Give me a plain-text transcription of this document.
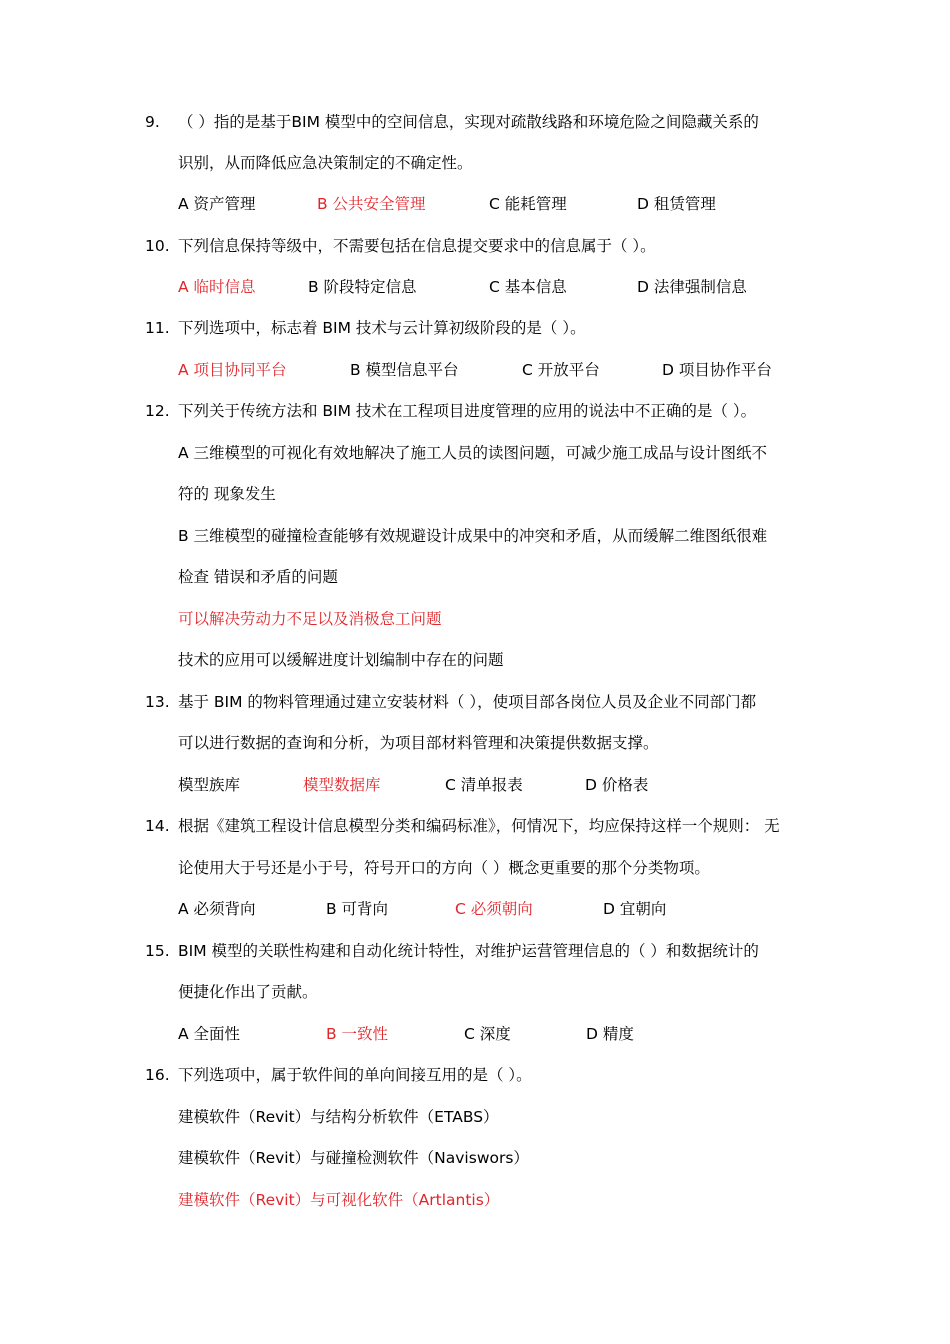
9. （ ）指的是基于BIM 模型中的空间信息，实现对疏散线路和环境危险之间隐藏关系的
识别，从而降低应急决策制定的不确定性。
A 资产管理	B 公共安全管理	C 能耗管理	D 租赁管理
10. 下列信息保持等级中，不需要包括在信息提交要求中的信息属于（ ）。
A 临时信息	B 阶段特定信息	C 基本信息	D 法律强制信息
11. 下列选项中，标志着 BIM 技术与云计算初级阶段的是（ ）。
A 项目协同平台	B 模型信息平台	C 开放平台	D 项目协作平台
12. 下列关于传统方法和 BIM 技术在工程项目进度管理的应用的说法中不正确的是（ ）。
A 三维模型的可视化有效地解决了施工人员的读图问题，可减少施工成品与设计图纸不
符的 现象发生
B 三维模型的碰撞检查能够有效规避设计成果中的冲突和矛盾，从而缓解二维图纸很难
检查 错误和矛盾的问题
可以解决劳动力不足以及消极怠工问题
技术的应用可以缓解进度计划编制中存在的问题
13. 基于 BIM 的物料管理通过建立安装材料（ ），使项目部各岗位人员及企业不同部门都
可以进行数据的查询和分析，为项目部材料管理和决策提供数据支撑。
模型族库	模型数据库	C 清单报表	D 价格表
14. 根据《建筑工程设计信息模型分类和编码标准》，何情况下，均应保持这样一个规则： 无
论使用大于号还是小于号，符号开口的方向（ ）概念更重要的那个分类物项。
A 必须背向	B 可背向	C 必须朝向	D 宜朝向
15. BIM 模型的关联性构建和自动化统计特性，对维护运营管理信息的（ ）和数据统计的
便捷化作出了贡献。
A 全面性	B 一致性	C 深度	D 精度
16. 下列选项中，属于软件间的单向间接互用的是（ ）。
建模软件（Revit）与结构分析软件（ETABS）
建模软件（Revit）与碰撞检测软件（Naviswors）
建模软件（Revit）与可视化软件（Artlantis）
